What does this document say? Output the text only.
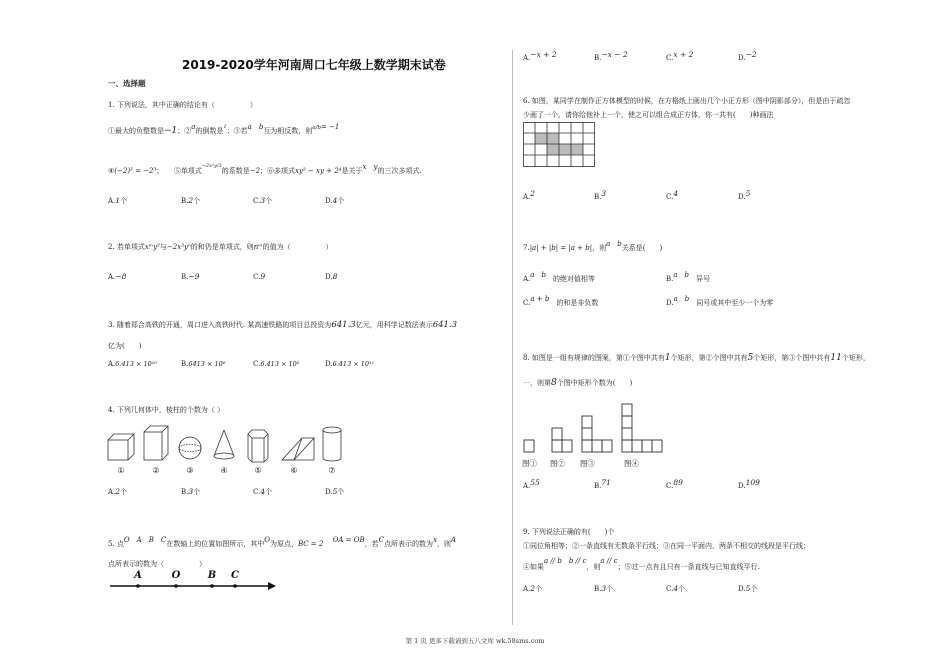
2019-2020学年河南周口七年级上数学期末试卷
一、选择题
1. 下列说法，其中正确的结论有（　　　　　）
①最大的负整数是−1；②a的倒数是$^1$；③若a　b互为相反数，则$^{a/b}$= −1
④(−2)³ = −2³；　　⑤单项式$^{-2x^2y/3}$的系数是−2；⑥多项式xy² − xy + 2⁴是关于x　y的三次多项式.
A.1个	B.2个	C.3个	D.4个
2. 若单项式xᵐy²与−2x³yⁿ的和仍是单项式，则nᵐ的值为（　　　　　）
A.−8	B.−9	C.9	D.8
3. 随着郑合高铁的开通，周口进入高铁时代. 某高速铁路的项目总投资为641.3亿元，用科学记数法表示641.3
亿为(　　)
A.6.413 × 10¹⁰	B.6413 × 10⁸	C.6.413 × 10²	D.6.413 × 10¹¹
4. 下列几何体中，棱柱的个数为（ ）
①	②	③	④	⑤	⑥	⑦
A.2个	B.3个	C.4个	D.5个
5. 点O　A　B　C在数轴上的位置如图所示，其中O为原点，BC = 2　 OA = OB，若C点所表示的数为x，则A
点所表示的数为（　　　　　）
A	O	B C
A.−x + 2	B.−x − 2	C.x + 2	D.−2
6. 如图，某同学在制作正方体模型的时候，在方格纸上画出几个小正方形（图中阴影部分），但是由于疏忽
少画了一个，请你给他补上一个，使之可以组合成正方体，你一共有(　　)种画法
A.2	B.3	C.4	D.5
7.|a| + |b| = |a + b|，则a　b关系是(　　)
A.a　b　 的绝对值相等	B.a　b　 异号
C.a + b　 的和是非负数	D.a　b　 同号或其中至少一个为零
8. 如图是一组有规律的图案，第①个图中共有1个矩形，第②个图中共有5个矩形，第③个图中共有11个矩形，
⋯，则第8个图中矩形个数为(　　)
图① 图② 图③	图④
A.55	B.71	C.89	D.109
9. 下列说法正确的有(　　)个
①同位角相等；②一条直线有无数条平行线；③在同一平面内，两条不相交的线段是平行线；
④如果a // b　b // c，则a // c；⑤过一点有且只有一条直线与已知直线平行.
A.2个	B.3个	C.4个	D.5个
第 1 页 更多下载请到五八文库 wk.58sms.com
